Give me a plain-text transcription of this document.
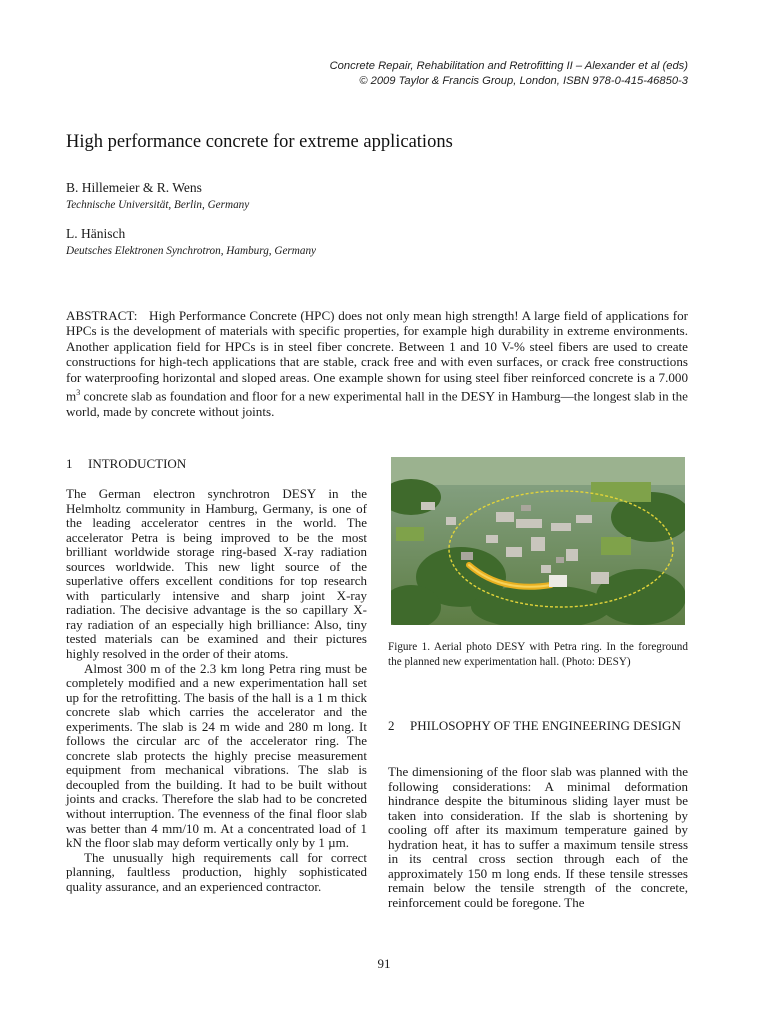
Concrete Repair, Rehabilitation and Retrofitting II – Alexander et al (eds)
© 2009 Taylor & Francis Group, London, ISBN 978-0-415-46850-3
High performance concrete for extreme applications
B. Hillemeier & R. Wens
Technische Universität, Berlin, Germany
L. Hänisch
Deutsches Elektronen Synchrotron, Hamburg, Germany
ABSTRACT: High Performance Concrete (HPC) does not only mean high strength! A large field of applications for HPCs is the development of materials with specific properties, for example high durability in extreme environments. Another application field for HPCs is in steel fiber concrete. Between 1 and 10 V-% steel fibers are used to create constructions for high-tech applications that are stable, crack free and with even surfaces, or crack free constructions for waterproofing horizontal and sloped areas. One example shown for using steel fiber reinforced concrete is a 7.000 $m^3$ concrete slab as foundation and floor for a new experimental hall in the DESY in Hamburg—the longest slab in the world, made by concrete without joints.
1 INTRODUCTION

The German electron synchrotron DESY in the Helmholtz community in Hamburg, Germany, is one of the leading accelerator centres in the world. The accelerator Petra is being improved to be the most brilliant worldwide storage ring-based X-ray radiation sources worldwide. This new light source of the superlative offers excellent conditions for top research with particularly intensive and sharp joint X-ray radiation. The decisive advantage is the so capillary X-ray radiation of an especially high brilliance: Also, tiny tested materials can be examined and their pictures highly resolved in the order of their atoms.

Almost 300 m of the 2.3 km long Petra ring must be completely modified and a new experimentation hall set up for the retrofitting. The basis of the hall is a 1 m thick concrete slab which carries the accelerator and the experiments. The slab is 24 m wide and 280 m long. It follows the circular arc of the accelerator ring. The concrete slab protects the highly precise measurement equipment from mechanical vibrations. The slab is decoupled from the building. It had to be built without joints and cracks. Therefore the slab had to be concreted without interruption. The evenness of the final floor slab was better than 4 mm/10 m. At a concentrated load of 1 kN the floor slab may deform vertically only by 1 µm.

The unusually high requirements call for correct planning, faultless production, highly sophisticated quality assurance, and an experienced contractor.

Figure 1. Aerial photo DESY with Petra ring. In the foreground the planned new experimentation hall. (Photo: DESY)
2	PHILOSOPHY OF THE ENGINEERING DESIGN

The dimensioning of the floor slab was planned with the following considerations: A minimal deformation hindrance despite the bituminous sliding layer must be taken into consideration. If the slab is shortening by cooling off after its maximum temperature gained by hydration heat, it has to suffer a maximum tensile stress in its central cross section through each of the approximately 150 m long ends. If these tensile stresses remain below the tensile strength of the concrete, reinforcement could be foregone. The

91
